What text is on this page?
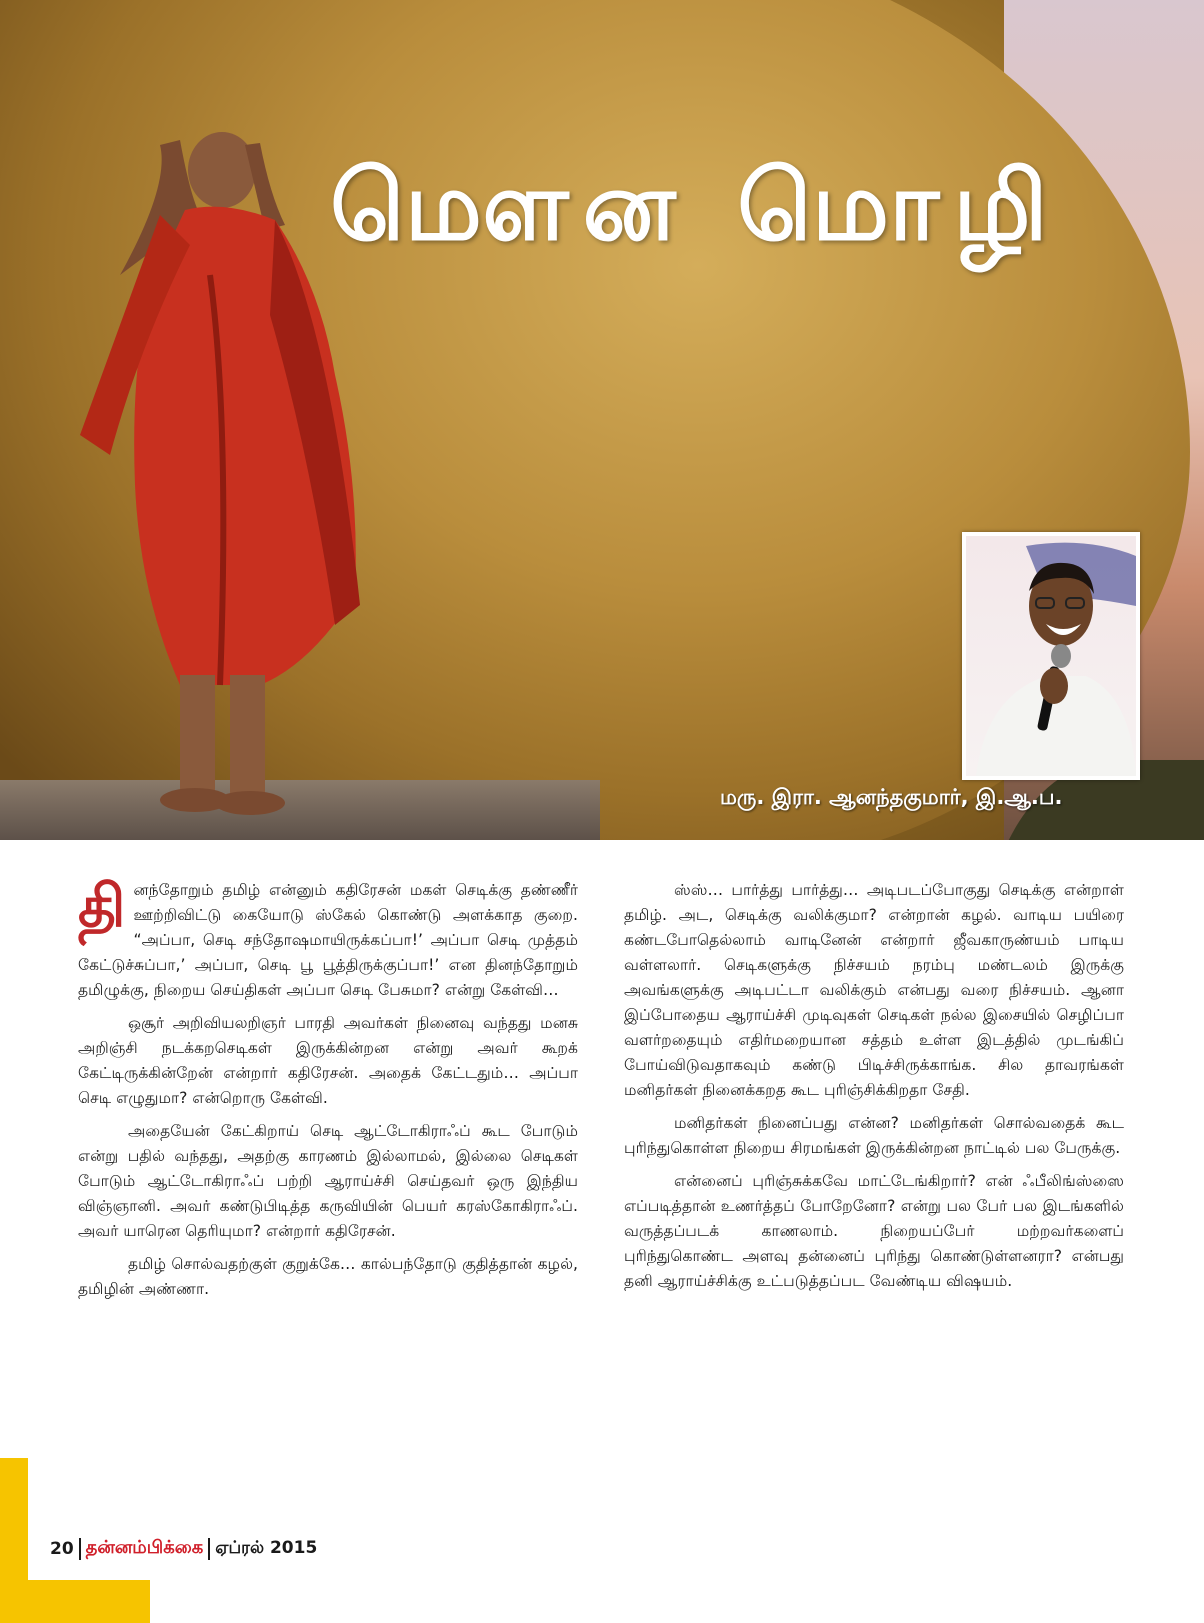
மௌன மொழி
மரு. இரா. ஆனந்தகுமார், இ.ஆ.ப.

தினந்தோறும் தமிழ் என்னும் கதிரேசன் மகள் செடிக்கு தண்ணீர் ஊற்றிவிட்டு கையோடு ஸ்கேல் கொண்டு அளக்காத குறை. “அப்பா, செடி சந்தோஷமாயிருக்கப்பா!’ அப்பா செடி முத்தம் கேட்டுச்சுப்பா,’ அப்பா, செடி பூ பூத்திருக்குப்பா!’ என தினந்தோறும் தமிழுக்கு, நிறைய செய்திகள் அப்பா செடி பேசுமா? என்று கேள்வி…

ஒசூர் அறிவியலறிஞர் பாரதி அவர்கள் நினைவு வந்தது மனசு அறிஞ்சி நடக்கறசெடிகள் இருக்கின்றன என்று அவர் கூறக் கேட்டிருக்கின்றேன் என்றார் கதிரேசன். அதைக் கேட்டதும்… அப்பா செடி எழுதுமா? என்றொரு கேள்வி.

அதையேன் கேட்கிறாய் செடி ஆட்டோகிராஃப் கூட போடும் என்று பதில் வந்தது, அதற்கு காரணம் இல்லாமல், இல்லை செடிகள் போடும் ஆட்டோகிராஃப் பற்றி ஆராய்ச்சி செய்தவர் ஒரு இந்திய விஞ்ஞானி. அவர் கண்டுபிடித்த கருவியின் பெயர் கரஸ்கோகிராஃப். அவர் யாரென தெரியுமா? என்றார் கதிரேசன்.

தமிழ் சொல்வதற்குள் குறுக்கே… கால்பந்தோடு குதித்தான் கழல், தமிழின் அண்ணா.

ஸ்ஸ்… பார்த்து பார்த்து… அடிபடப்போகுது செடிக்கு என்றாள் தமிழ். அட, செடிக்கு வலிக்குமா? என்றான் கழல். வாடிய பயிரை கண்டபோதெல்லாம் வாடினேன் என்றார் ஜீவகாருண்யம் பாடிய வள்ளலார். செடிகளுக்கு நிச்சயம் நரம்பு மண்டலம் இருக்கு அவங்களுக்கு அடிபட்டா வலிக்கும் என்பது வரை நிச்சயம். ஆனா இப்போதைய ஆராய்ச்சி முடிவுகள் செடிகள் நல்ல இசையில் செழிப்பா வளர்றதையும் எதிர்மறையான சத்தம் உள்ள இடத்தில் முடங்கிப் போய்விடுவதாகவும் கண்டு பிடிச்சிருக்காங்க. சில தாவரங்கள் மனிதர்கள் நினைக்கறத கூட புரிஞ்சிக்கிறதா சேதி.

மனிதர்கள் நினைப்பது என்ன? மனிதர்கள் சொல்வதைக் கூட புரிந்துகொள்ள நிறைய சிரமங்கள் இருக்கின்றன நாட்டில் பல பேருக்கு.

என்னைப் புரிஞ்சுக்கவே மாட்டேங்கிறார்? என் ஃபீலிங்ஸ்ஸை எப்படித்தான் உணர்த்தப் போறேனோ? என்று பல பேர் பல இடங்களில் வருத்தப்படக் காணலாம். நிறையப்பேர் மற்றவர்களைப் புரிந்துகொண்ட அளவு தன்னைப் புரிந்து கொண்டுள்ளனரா? என்பது தனி ஆராய்ச்சிக்கு உட்படுத்தப்பட வேண்டிய விஷயம்.

20 தன்னம்பிக்கை ஏப்ரல் 2015
